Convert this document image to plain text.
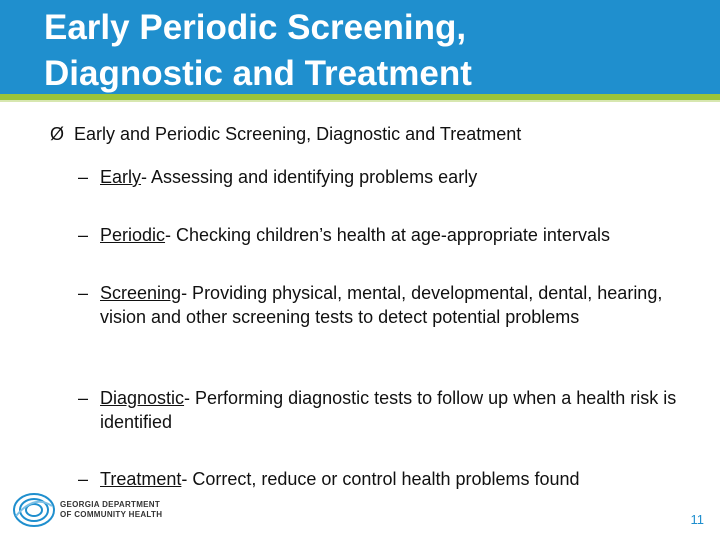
Early Periodic Screening,
Diagnostic and Treatment
Ø Early and Periodic Screening, Diagnostic and Treatment
– Early- Assessing and identifying problems early
– Periodic- Checking children’s health at age-appropriate intervals
– Screening- Providing physical, mental, developmental, dental, hearing, vision and other screening tests to detect potential problems
– Diagnostic- Performing diagnostic tests to follow up when a health risk is identified
– Treatment- Correct, reduce or control health problems found
GEORGIA DEPARTMENT
OF COMMUNITY HEALTH	11
